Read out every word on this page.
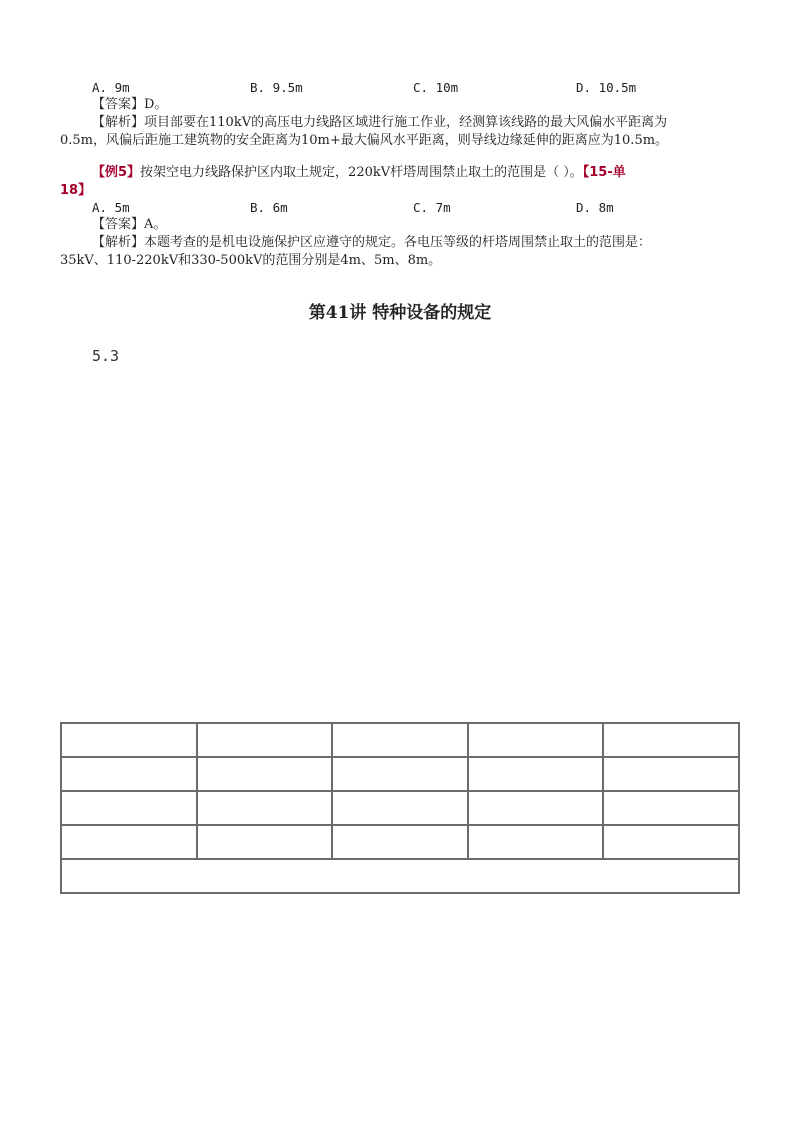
A. 9m	B. 9.5m	C. 10m	D. 10.5m
【答案】D。
【解析】项目部要在110kV的高压电力线路区域进行施工作业，经测算该线路的最大风偏水平距离为
0.5m，风偏后距施工建筑物的安全距离为10m+最大偏风水平距离，则导线边缘延伸的距离应为10.5m。
【例5】按架空电力线路保护区内取土规定，220kV杆塔周围禁止取土的范围是（ ）。【15-单
18】
A. 5m	B. 6m	C. 7m	D. 8m
【答案】A。
【解析】本题考查的是机电设施保护区应遵守的规定。各电压等级的杆塔周围禁止取土的范围是：
35kV、110-220kV和330-500kV的范围分别是4m、5m、8m。
第41讲 特种设备的规定
5.3
